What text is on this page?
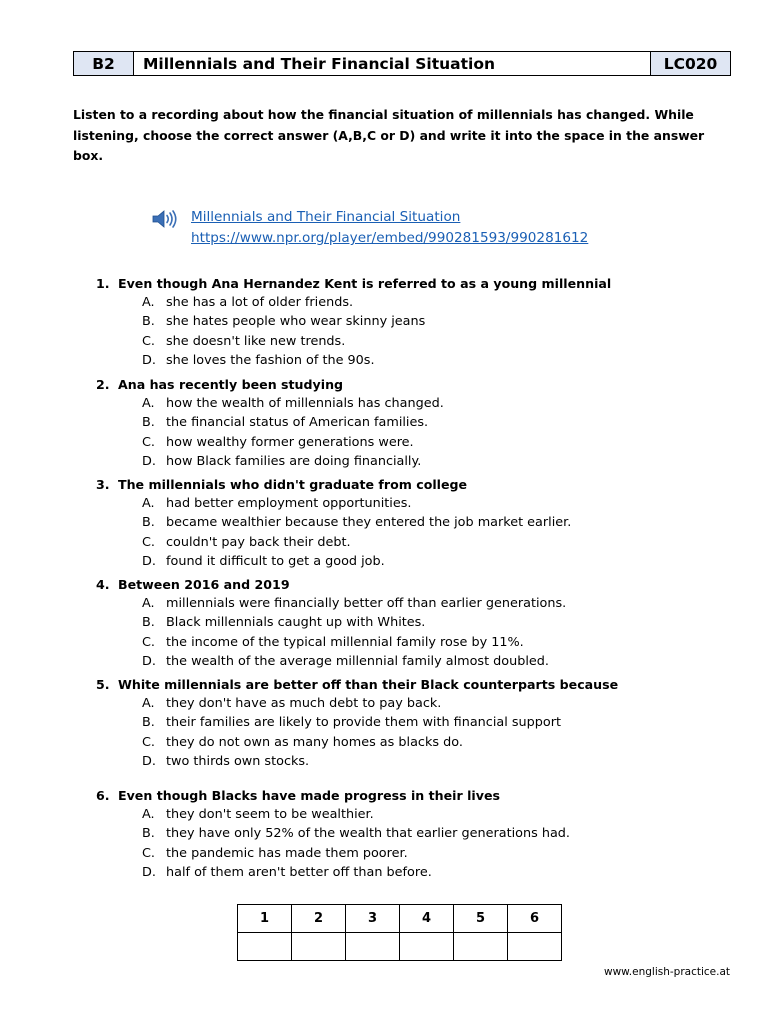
B2	Millennials and Their Financial Situation	LC020
Listen to a recording about how the financial situation of millennials has changed. While listening, choose the correct answer (A,B,C or D) and write it into the space in the answer box.
Millennials and Their Financial Situation
https://www.npr.org/player/embed/990281593/990281612
1. Even though Ana Hernandez Kent is referred to as a young millennial
A. she has a lot of older friends.
B. she hates people who wear skinny jeans
C. she doesn't like new trends.
D. she loves the fashion of the 90s.
2. Ana has recently been studying
A. how the wealth of millennials has changed.
B. the financial status of American families.
C. how wealthy former generations were.
D. how Black families are doing financially.
3. The millennials who didn't graduate from college
A. had better employment opportunities.
B. became wealthier because they entered the job market earlier.
C. couldn't pay back their debt.
D. found it difficult to get a good job.
4. Between 2016 and 2019
A. millennials were financially better off than earlier generations.
B. Black millennials caught up with Whites.
C. the income of the typical millennial family rose by 11%.
D. the wealth of the average millennial family almost doubled.
5. White millennials are better off than their Black counterparts because
A. they don't have as much debt to pay back.
B. their families are likely to provide them with financial support
C. they do not own as many homes as blacks do.
D. two thirds own stocks.
6. Even though Blacks have made progress in their lives
A. they don't seem to be wealthier.
B. they have only 52% of the wealth that earlier generations had.
C. the pandemic has made them poorer.
D. half of them aren't better off than before.
1	2	3	4	5	6

www.english-practice.at
